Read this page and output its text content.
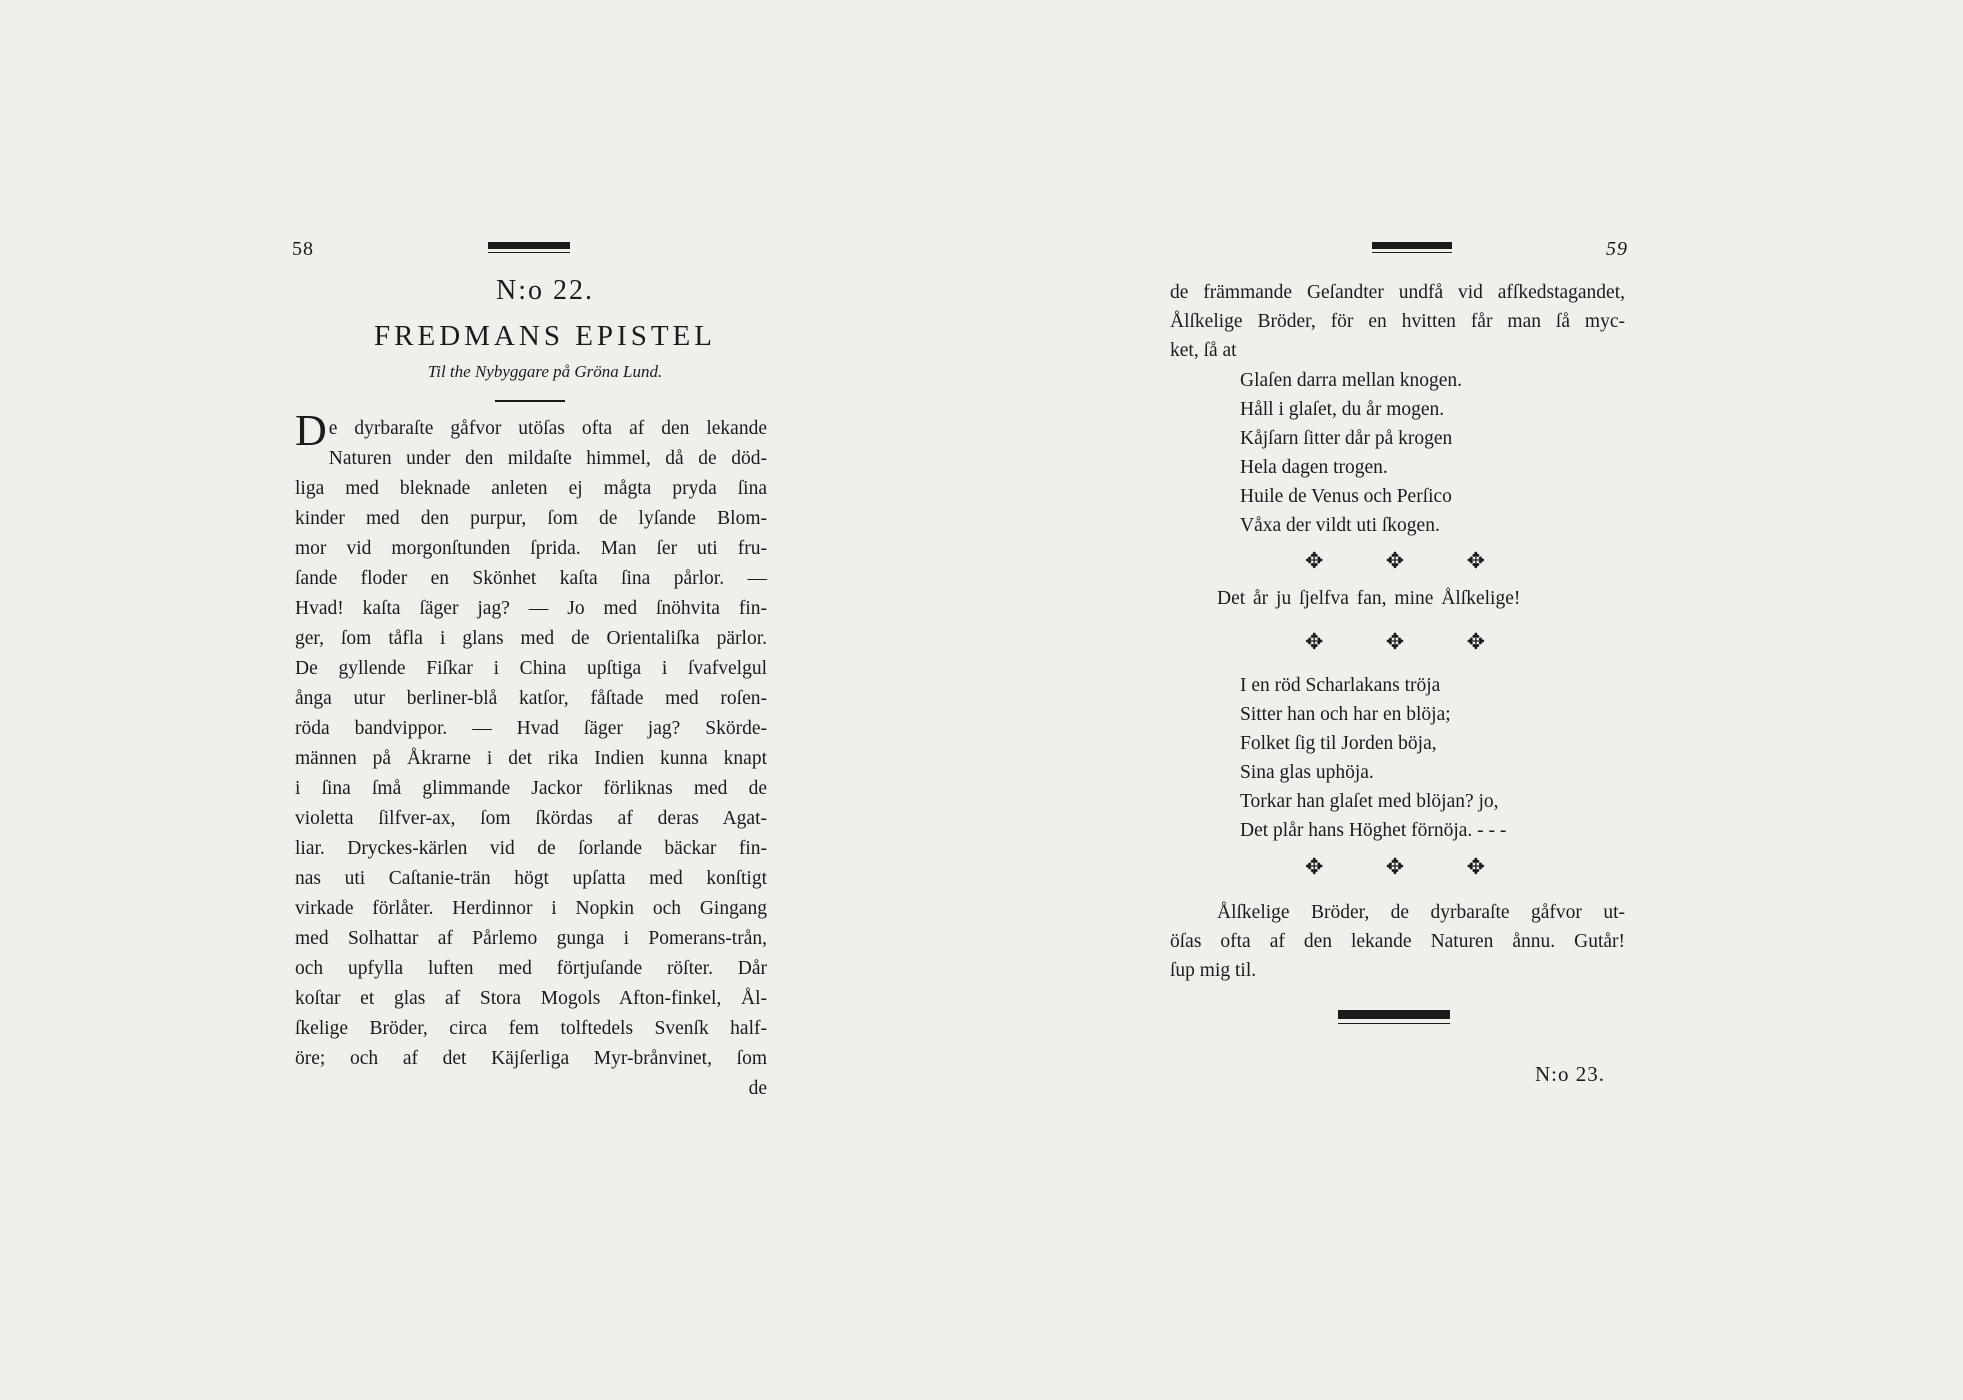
58
N:o 22.
FREDMANS EPISTEL
Til the Nybyggare på Gröna Lund.
D e dyrbaraſte gåfvor utöſas ofta af den lekande
Naturen under den mildaſte himmel, då de död-
liga med bleknade anleten ej mågta pryda ſina
kinder med den purpur, ſom de lyſande Blom-
mor vid morgonſtunden ſprida. Man ſer uti fru-
ſande floder en Skönhet kaſta ſina pårlor. —
Hvad! kaſta ſäger jag? — Jo med ſnöhvita fin-
ger, ſom tåfla i glans med de Orientaliſka pärlor.
De gyllende Fiſkar i China upſtiga i ſvafvelgul
ånga utur berliner-blå katſor, fåſtade med roſen-
röda bandvippor. — Hvad ſäger jag? Skörde-
männen på Åkrarne i det rika Indien kunna knapt
i ſina ſmå glimmande Jackor förliknas med de
violetta ſilfver-ax, ſom ſkördas af deras Agat-
liar. Dryckes-kärlen vid de ſorlande bäckar fin-
nas uti Caſtanie-trän högt upſatta med konſtigt
virkade förlåter. Herdinnor i Nopkin och Gingang
med Solhattar af Pårlemo gunga i Pomerans-trån,
och upfylla luften med förtjuſande röſter. Dår
koſtar et glas af Stora Mogols Afton-finkel, Ål-
ſkelige Bröder, circa fem tolftedels Svenſk half-
öre; och af det Käjſerliga Myr-brånvinet, ſom
de
59
de främmande Geſandter undfå vid afſkedstagandet,
Ålſkelige Bröder, för en hvitten får man ſå myc-
ket, ſå at
Glaſen darra mellan knogen.
Håll i glaſet, du år mogen.
Kåjſarn ſitter dår på krogen
Hela dagen trogen.
Huile de Venus och Perſico
Våxa der vildt uti ſkogen.
✥	✥	✥
Det år ju ſjelfva fan, mine Ålſkelige!
✥	✥	✥
I en röd Scharlakans tröja
Sitter han och har en blöja;
Folket ſig til Jorden böja,
Sina glas uphöja.
Torkar han glaſet med blöjan? jo,
Det plår hans Höghet förnöja. - - -
✥	✥	✥
Ålſkelige Bröder, de dyrbaraſte gåfvor ut-
öſas ofta af den lekande Naturen ånnu. Gutår!
ſup mig til.
N:o 23.
